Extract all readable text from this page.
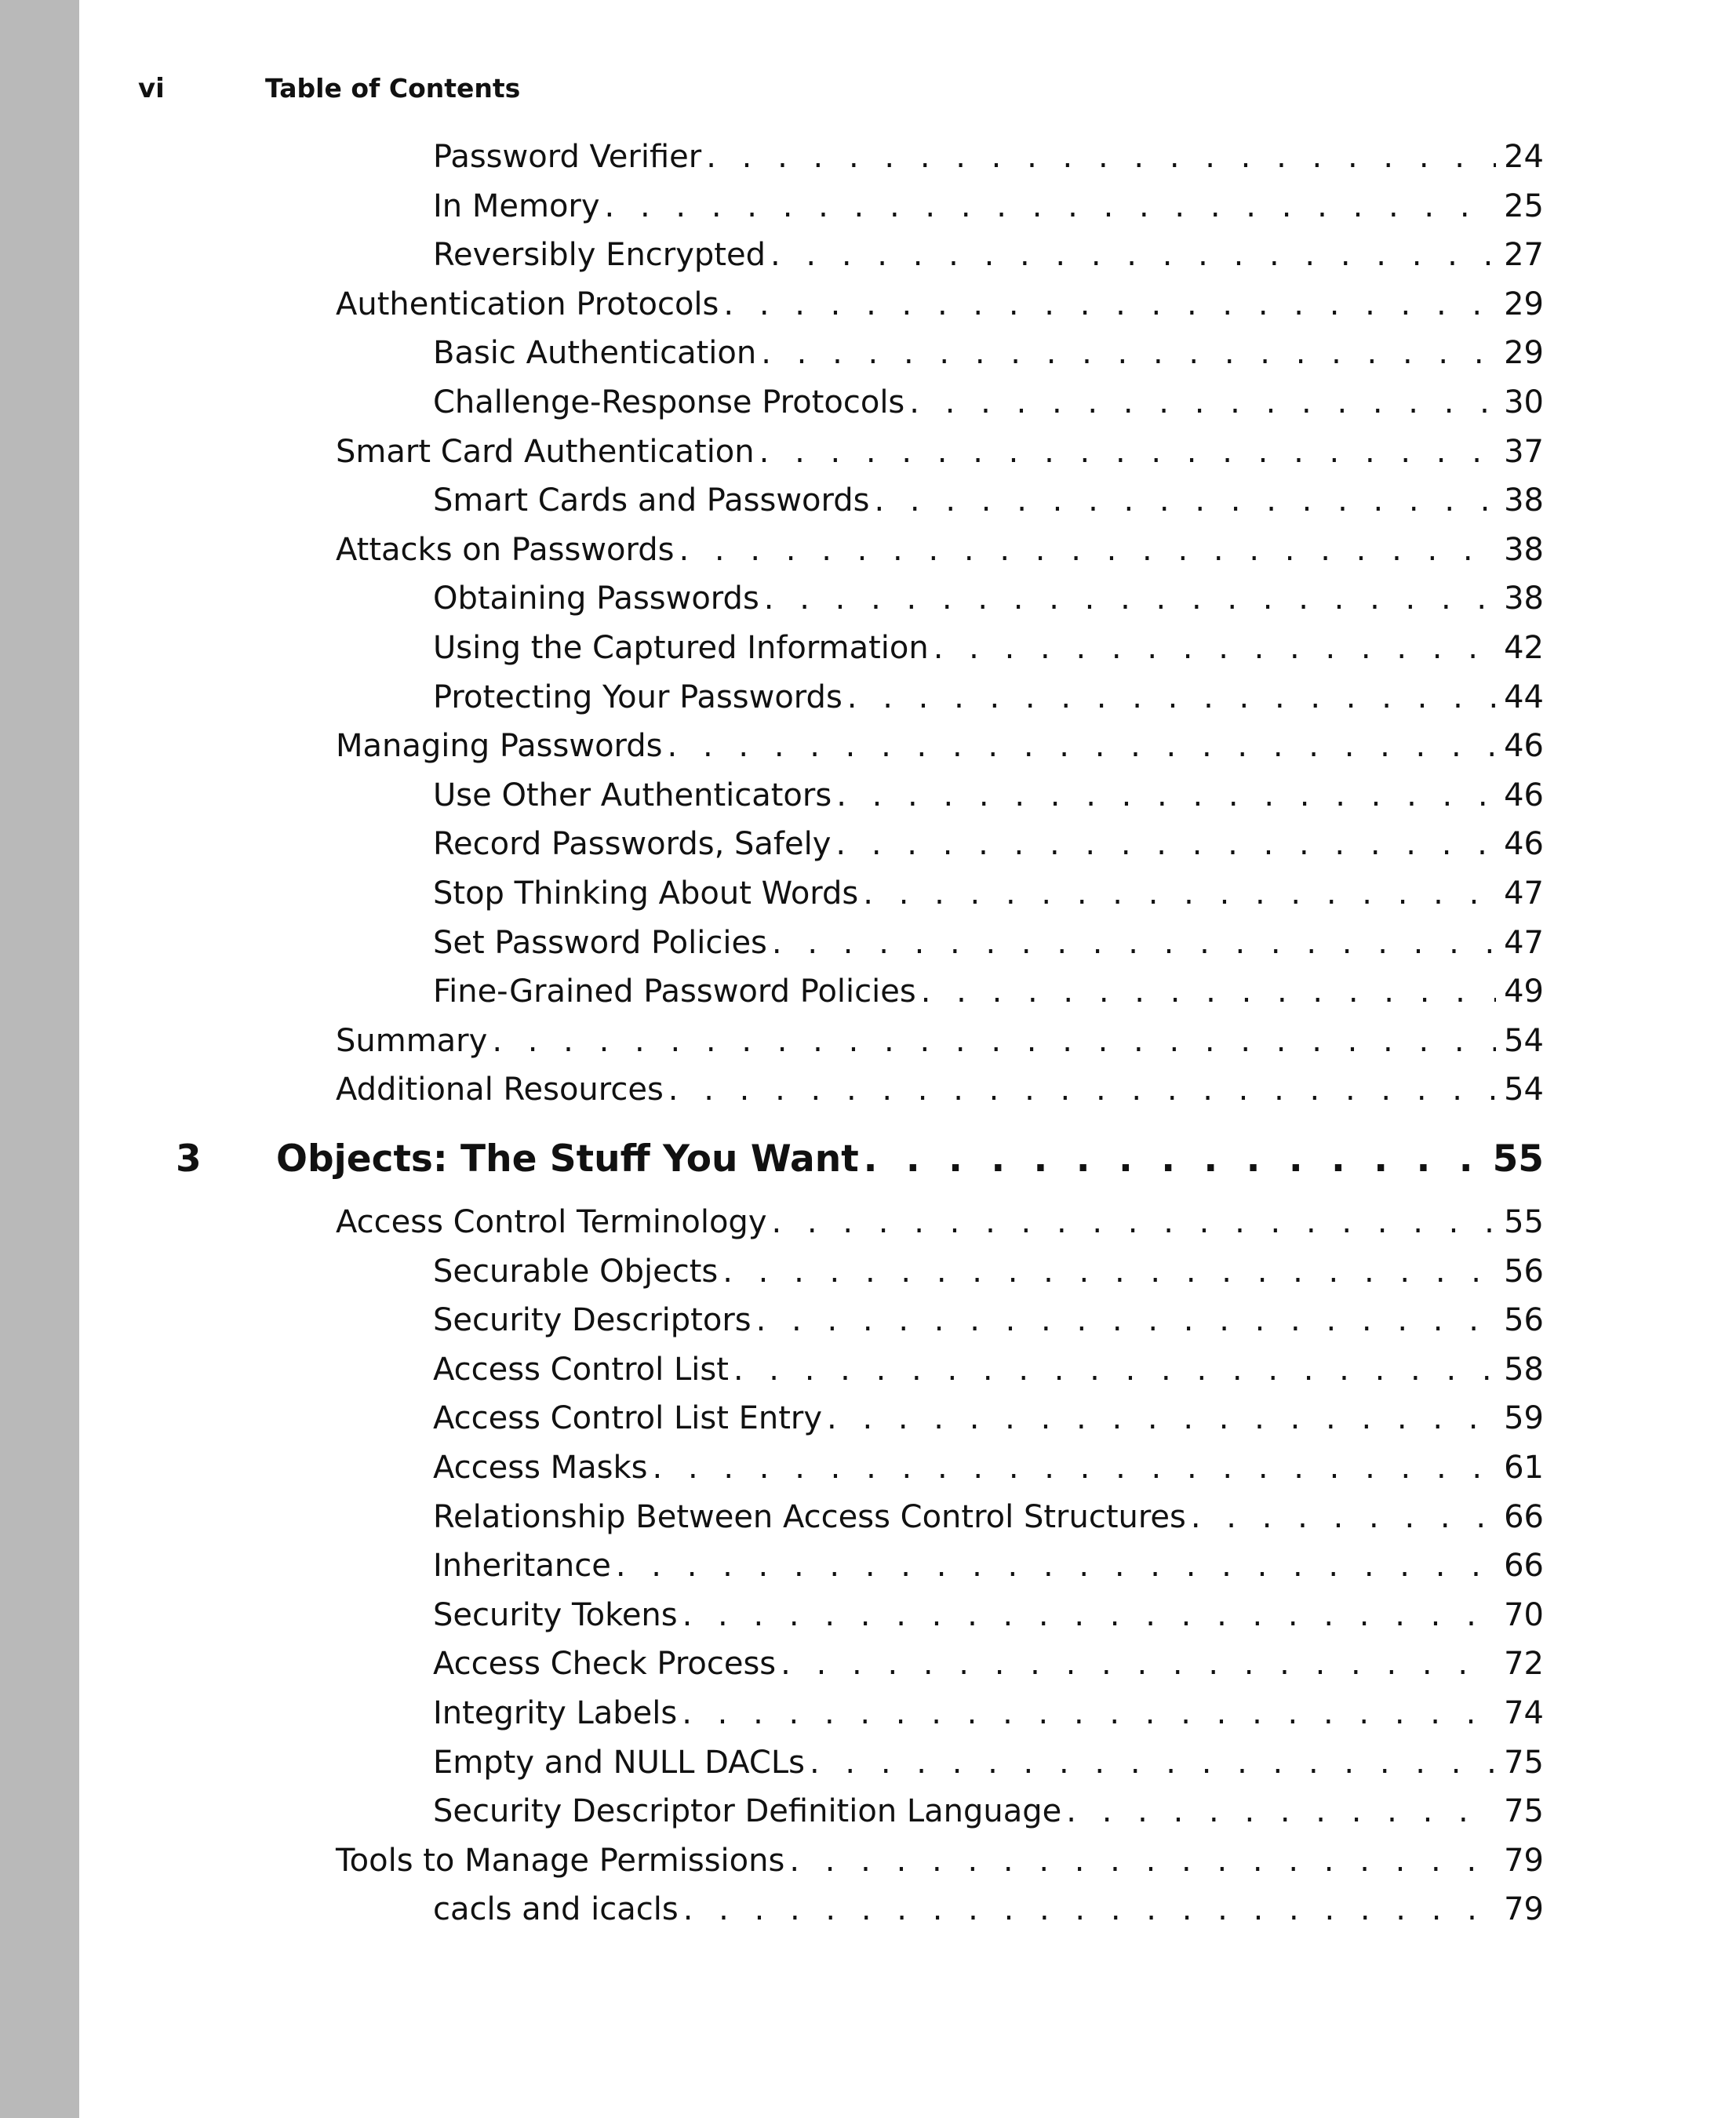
vi	Table of Contents
Password Verifier . . .	24
In Memory . . .	25
Reversibly Encrypted . . .	27
Authentication Protocols . . .	29
Basic Authentication . . .	29
Challenge-Response Protocols . . .	30
Smart Card Authentication . . .	37
Smart Cards and Passwords . . .	38
Attacks on Passwords . . .	38
Obtaining Passwords . . .	38
Using the Captured Information . . .	42
Protecting Your Passwords . . .	44
Managing Passwords . . .	46
Use Other Authenticators . . .	46
Record Passwords, Safely . . .	46
Stop Thinking About Words . . .	47
Set Password Policies . . .	47
Fine-Grained Password Policies . . .	49
Summary . . .	54
Additional Resources . . .	54
3	Objects: The Stuff You Want . . .	55
Access Control Terminology . . .	55
Securable Objects . . .	56
Security Descriptors . . .	56
Access Control List . . .	58
Access Control List Entry . . .	59
Access Masks . . .	61
Relationship Between Access Control Structures . . .	66
Inheritance . . .	66
Security Tokens . . .	70
Access Check Process . . .	72
Integrity Labels . . .	74
Empty and NULL DACLs . . .	75
Security Descriptor Definition Language . . .	75
Tools to Manage Permissions . . .	79
cacls and icacls . . .	79
